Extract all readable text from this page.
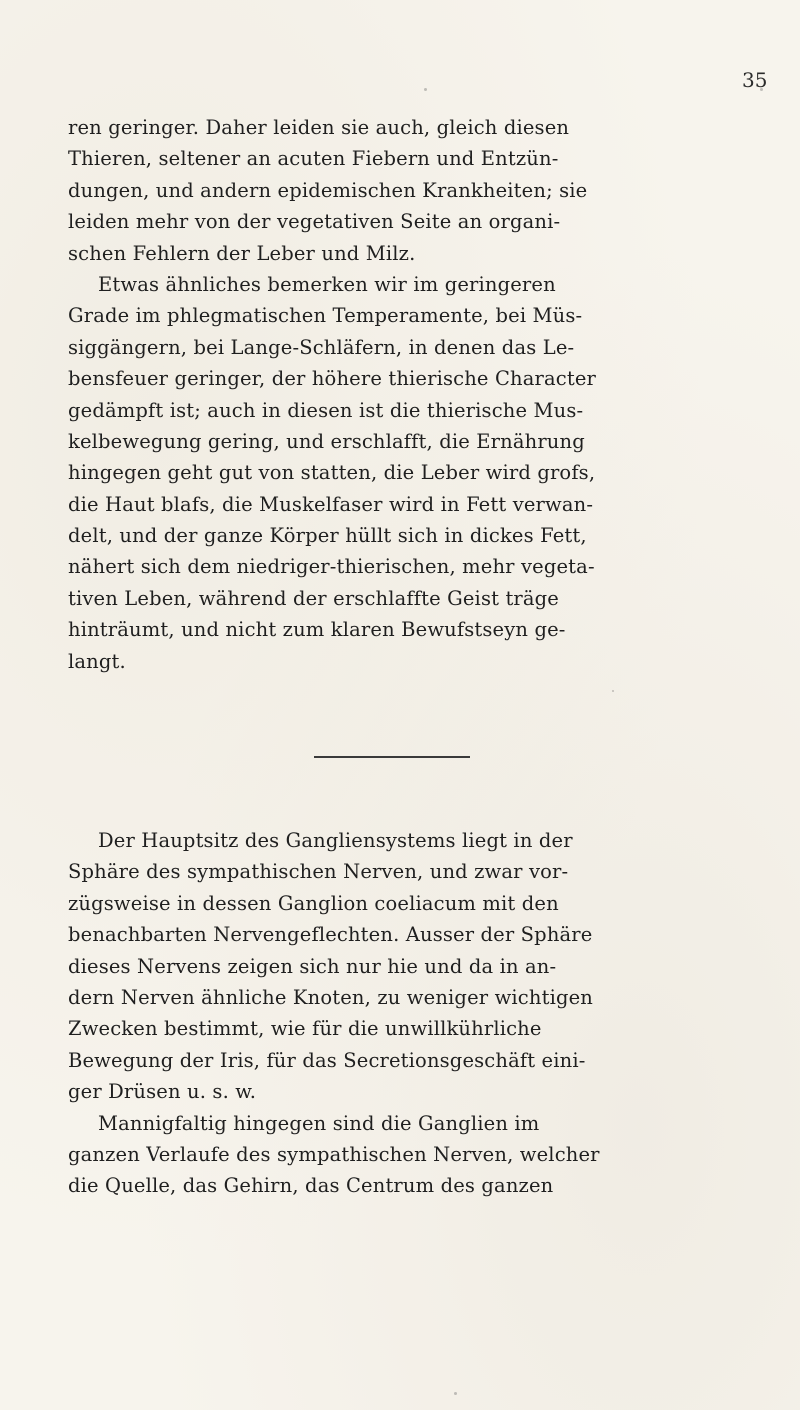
35
ren geringer. Daher leiden sie auch, gleich diesen
Thieren, seltener an acuten Fiebern und Entzün-
dungen, und andern epidemischen Krankheiten; sie
leiden mehr von der vegetativen Seite an organi-
schen Fehlern der Leber und Milz.
Etwas ähnliches bemerken wir im geringeren
Grade im phlegmatischen Temperamente, bei Müs-
siggängern, bei Lange-Schläfern, in denen das Le-
bensfeuer geringer, der höhere thierische Character
gedämpft ist; auch in diesen ist die thierische Mus-
kelbewegung gering, und erschlafft, die Ernährung
hingegen geht gut von statten, die Leber wird grofs,
die Haut blafs, die Muskelfaser wird in Fett verwan-
delt, und der ganze Körper hüllt sich in dickes Fett,
nähert sich dem niedriger-thierischen, mehr vegeta-
tiven Leben, während der erschlaffte Geist träge
hinträumt, und nicht zum klaren Bewufstseyn ge-
langt.
Der Hauptsitz des Gangliensystems liegt in der
Sphäre des sympathischen Nerven, und zwar vor-
zügsweise in dessen Ganglion coeliacum mit den
benachbarten Nervengeflechten. Ausser der Sphäre
dieses Nervens zeigen sich nur hie und da in an-
dern Nerven ähnliche Knoten, zu weniger wichtigen
Zwecken bestimmt, wie für die unwillkührliche
Bewegung der Iris, für das Secretionsgeschäft eini-
ger Drüsen u. s. w.
Mannigfaltig hingegen sind die Ganglien im
ganzen Verlaufe des sympathischen Nerven, welcher
die Quelle, das Gehirn, das Centrum des ganzen
